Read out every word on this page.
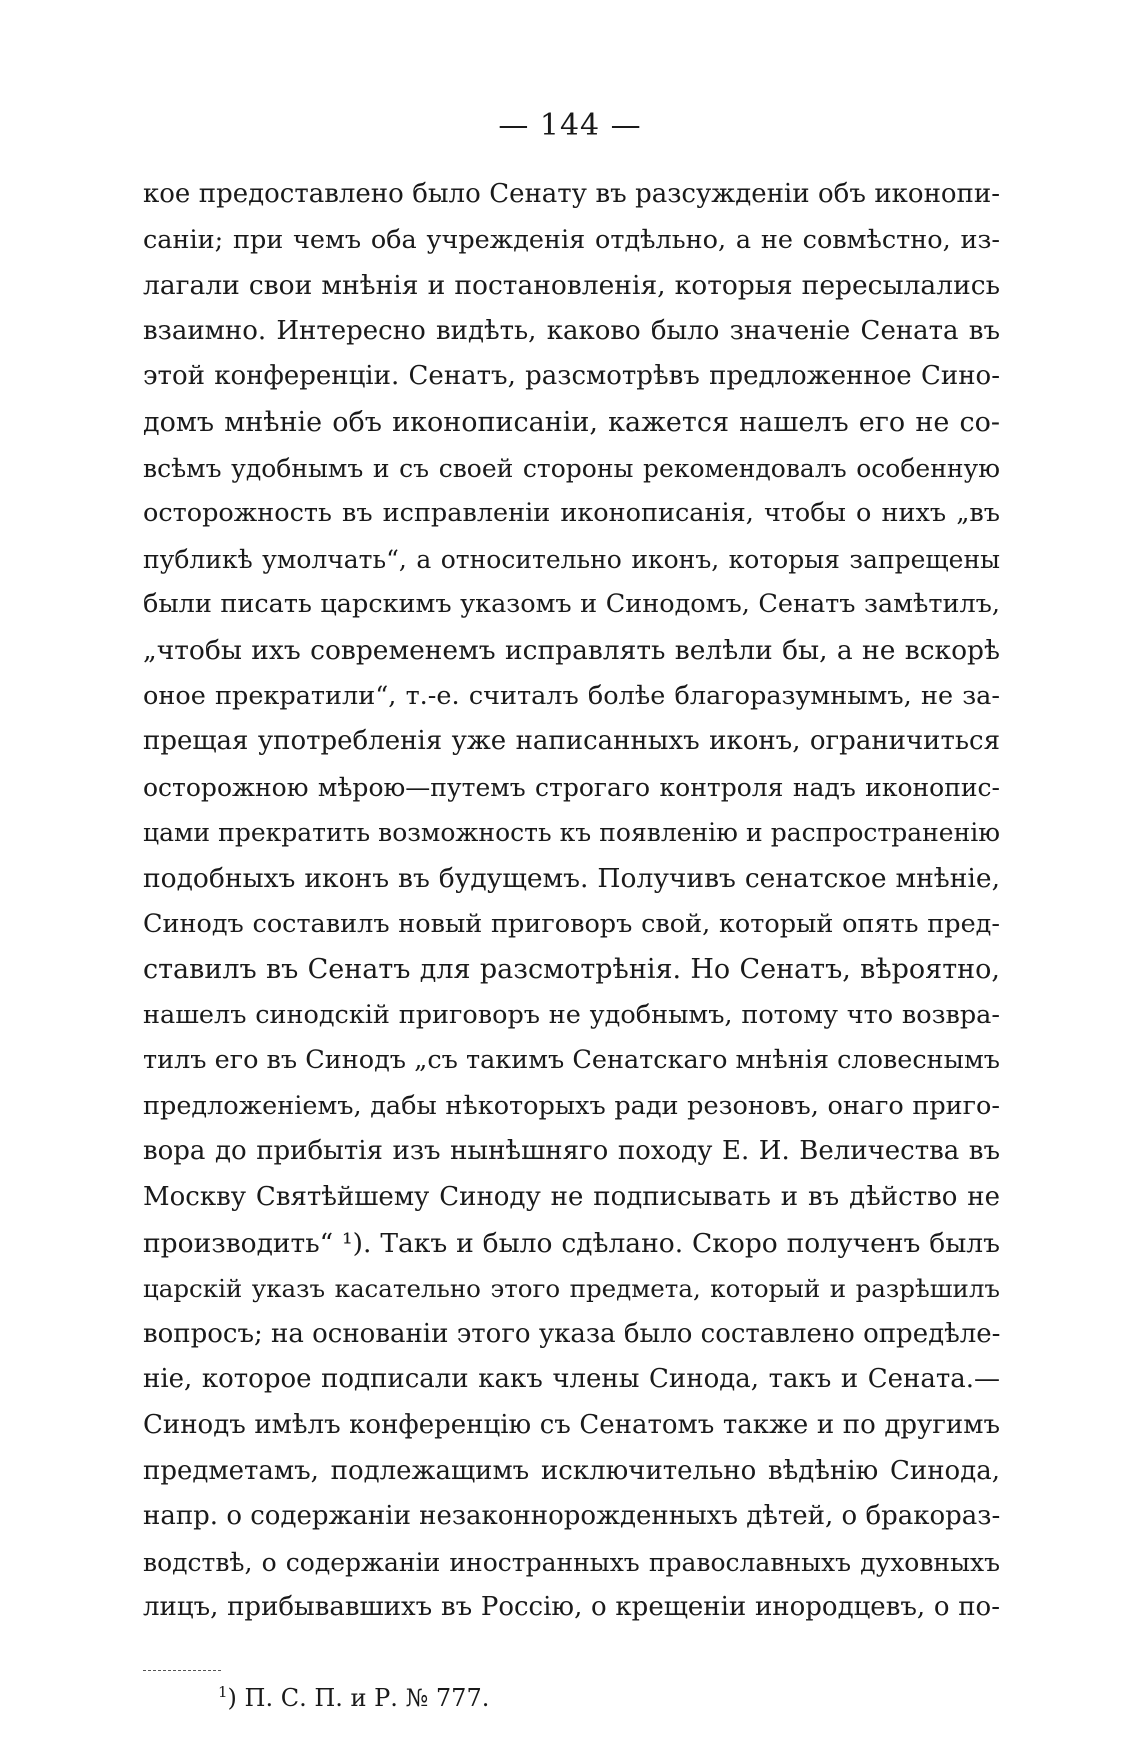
— 144 —
кое предоставлено было Сенату въ разсужденіи объ иконопи-
саніи; при чемъ оба учрежденія отдѣльно, а не совмѣстно, из-
лагали свои мнѣнія и постановленія, которыя пересылались
взаимно. Интересно видѣть, каково было значеніе Сената въ
этой конференціи. Сенатъ, разсмотрѣвъ предложенное Сино-
домъ мнѣніе объ иконописаніи, кажется нашелъ его не со-
всѣмъ удобнымъ и съ своей стороны рекомендовалъ особенную
осторожность въ исправленіи иконописанія, чтобы о нихъ „въ
публикѣ умолчать“, а относительно иконъ, которыя запрещены
были писать царскимъ указомъ и Синодомъ, Сенатъ замѣтилъ,
„чтобы ихъ современемъ исправлять велѣли бы, а не вскорѣ
оное прекратили“, т.-е. считалъ болѣе благоразумнымъ, не за-
прещая употребленія уже написанныхъ иконъ, ограничиться
осторожною мѣрою—путемъ строгаго контроля надъ иконопис-
цами прекратить возможность къ появленію и распространенію
подобныхъ иконъ въ будущемъ. Получивъ сенатское мнѣніе,
Синодъ составилъ новый приговоръ свой, который опять пред-
ставилъ въ Сенатъ для разсмотрѣнія. Но Сенатъ, вѣроятно,
нашелъ синодскій приговоръ не удобнымъ, потому что возвра-
тилъ его въ Синодъ „съ такимъ Сенатскаго мнѣнія словеснымъ
предложеніемъ, дабы нѣкоторыхъ ради резоновъ, онаго приго-
вора до прибытія изъ нынѣшняго походу Е. И. Величества въ
Москву Святѣйшему Синоду не подписывать и въ дѣйство не
производить“ ¹). Такъ и было сдѣлано. Скоро полученъ былъ
царскій указъ касательно этого предмета, который и разрѣшилъ
вопросъ; на основаніи этого указа было составлено опредѣле-
ніе, которое подписали какъ члены Синода, такъ и Сената.—
Синодъ имѣлъ конференцію съ Сенатомъ также и по другимъ
предметамъ, подлежащимъ исключительно вѣдѣнію Синода,
напр. о содержаніи незаконнорожденныхъ дѣтей, о бракораз-
водствѣ, о содержаніи иностранныхъ православныхъ духовныхъ
лицъ, прибывавшихъ въ Россію, о крещеніи инородцевъ, о по-
$^1$) П. С. П. и Р. № 777.
